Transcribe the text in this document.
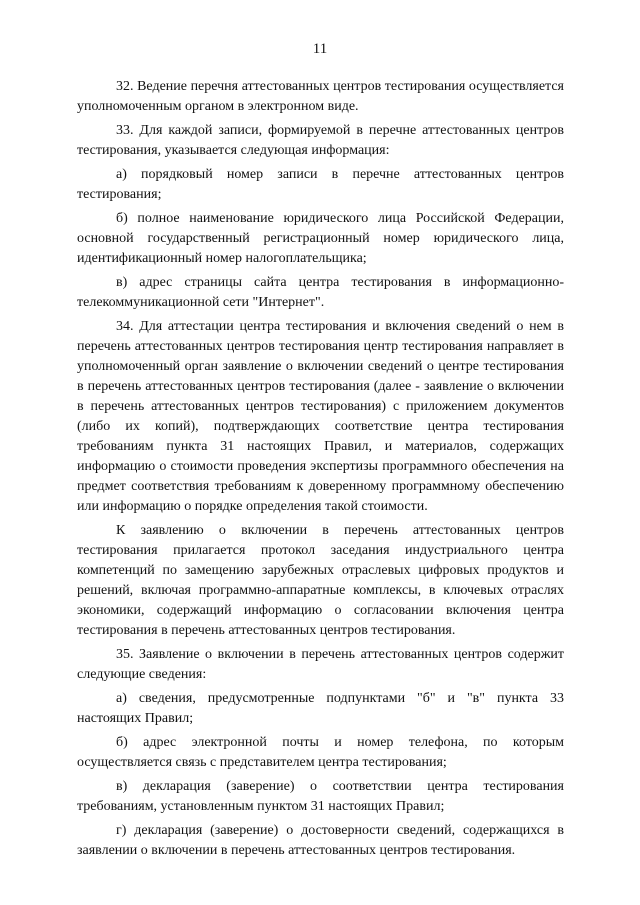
11

32. Ведение перечня аттестованных центров тестирования осуществляется уполномоченным органом в электронном виде.

33. Для каждой записи, формируемой в перечне аттестованных центров тестирования, указывается следующая информация:

а) порядковый номер записи в перечне аттестованных центров тестирования;

б) полное наименование юридического лица Российской Федерации, основной государственный регистрационный номер юридического лица, идентификационный номер налогоплательщика;

в) адрес страницы сайта центра тестирования в информационно-телекоммуникационной сети "Интернет".

34. Для аттестации центра тестирования и включения сведений о нем в перечень аттестованных центров тестирования центр тестирования направляет в уполномоченный орган заявление о включении сведений о центре тестирования в перечень аттестованных центров тестирования (далее - заявление о включении в перечень аттестованных центров тестирования) с приложением документов (либо их копий), подтверждающих соответствие центра тестирования требованиям пункта 31 настоящих Правил, и материалов, содержащих информацию о стоимости проведения экспертизы программного обеспечения на предмет соответствия требованиям к доверенному программному обеспечению или информацию о порядке определения такой стоимости.

К заявлению о включении в перечень аттестованных центров тестирования прилагается протокол заседания индустриального центра компетенций по замещению зарубежных отраслевых цифровых продуктов и решений, включая программно-аппаратные комплексы, в ключевых отраслях экономики, содержащий информацию о согласовании включения центра тестирования в перечень аттестованных центров тестирования.

35. Заявление о включении в перечень аттестованных центров содержит следующие сведения:

а) сведения, предусмотренные подпунктами "б" и "в" пункта 33 настоящих Правил;

б) адрес электронной почты и номер телефона, по которым осуществляется связь с представителем центра тестирования;

в) декларация (заверение) о соответствии центра тестирования требованиям, установленным пунктом 31 настоящих Правил;

г) декларация (заверение) о достоверности сведений, содержащихся в заявлении о включении в перечень аттестованных центров тестирования.
